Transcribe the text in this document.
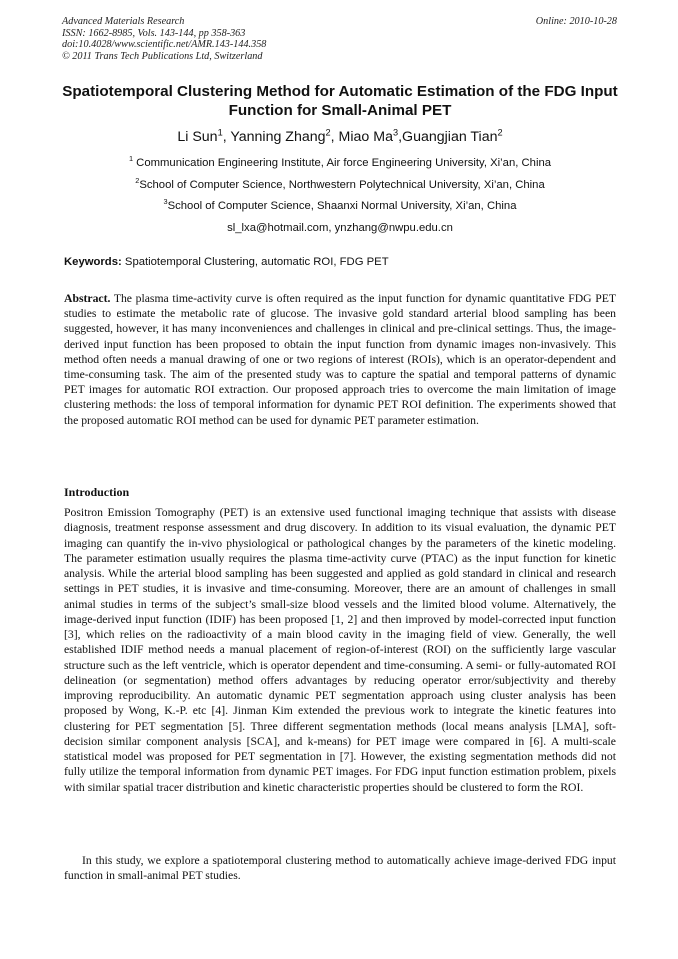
Advanced Materials Research
ISSN: 1662-8985, Vols. 143-144, pp 358-363
doi:10.4028/www.scientific.net/AMR.143-144.358
© 2011 Trans Tech Publications Ltd, Switzerland
Online: 2010-10-28
Spatiotemporal Clustering Method for Automatic Estimation of the FDG Input Function for Small-Animal PET
Li Sun$^1$, Yanning Zhang$^2$, Miao Ma$^3$,Guangjian Tian$^2$
$^1$ Communication Engineering Institute, Air force Engineering University, Xi’an, China
$^2$School of Computer Science, Northwestern Polytechnical University, Xi’an, China
$^3$School of Computer Science, Shaanxi Normal University, Xi’an, China
sl_lxa@hotmail.com, ynzhang@nwpu.edu.cn
Keywords: Spatiotemporal Clustering, automatic ROI, FDG PET
Abstract. The plasma time-activity curve is often required as the input function for dynamic quantitative FDG PET studies to estimate the metabolic rate of glucose. The invasive gold standard arterial blood sampling has been suggested, however, it has many inconveniences and challenges in clinical and pre-clinical settings. Thus, the image-derived input function has been proposed to obtain the input function from dynamic images non-invasively. This method often needs a manual drawing of one or two regions of interest (ROIs), which is an operator-dependent and time-consuming task. The aim of the presented study was to capture the spatial and temporal patterns of dynamic PET images for automatic ROI extraction. Our proposed approach tries to overcome the main limitation of image clustering methods: the loss of temporal information for dynamic PET ROI definition. The experiments showed that the proposed automatic ROI method can be used for dynamic PET parameter estimation.
Introduction

Positron Emission Tomography (PET) is an extensive used functional imaging technique that assists with disease diagnosis, treatment response assessment and drug discovery. In addition to its visual evaluation, the dynamic PET imaging can quantify the in-vivo physiological or pathological changes by the parameters of the kinetic modeling. The parameter estimation usually requires the plasma time-activity curve (PTAC) as the input function for kinetic analysis. While the arterial blood sampling has been suggested and applied as gold standard in clinical and research settings in PET studies, it is invasive and time-consuming. Moreover, there are an amount of challenges in small animal studies in terms of the subject’s small-size blood vessels and the limited blood volume. Alternatively, the image-derived input function (IDIF) has been proposed [1, 2] and then improved by model-corrected input function [3], which relies on the radioactivity of a main blood cavity in the imaging field of view. Generally, the well established IDIF method needs a manual placement of region-of-interest (ROI) on the sufficiently large vascular structure such as the left ventricle, which is operator dependent and time-consuming. A semi- or fully-automated ROI delineation (or segmentation) method offers advantages by reducing operator error/subjectivity and thereby improving reproducibility. An automatic dynamic PET segmentation approach using cluster analysis has been proposed by Wong, K.-P. etc [4]. Jinman Kim extended the previous work to integrate the kinetic features into clustering for PET segmentation [5]. Three different segmentation methods (local means analysis [LMA], soft-decision similar component analysis [SCA], and k-means) for PET image were compared in [6]. A multi-scale statistical model was proposed for PET segmentation in [7]. However, the existing segmentation methods did not fully utilize the temporal information from dynamic PET images. For FDG input function estimation problem, pixels with similar spatial tracer distribution and kinetic characteristic properties should be clustered to form the ROI.

In this study, we explore a spatiotemporal clustering method to automatically achieve image-derived FDG input function in small-animal PET studies.
